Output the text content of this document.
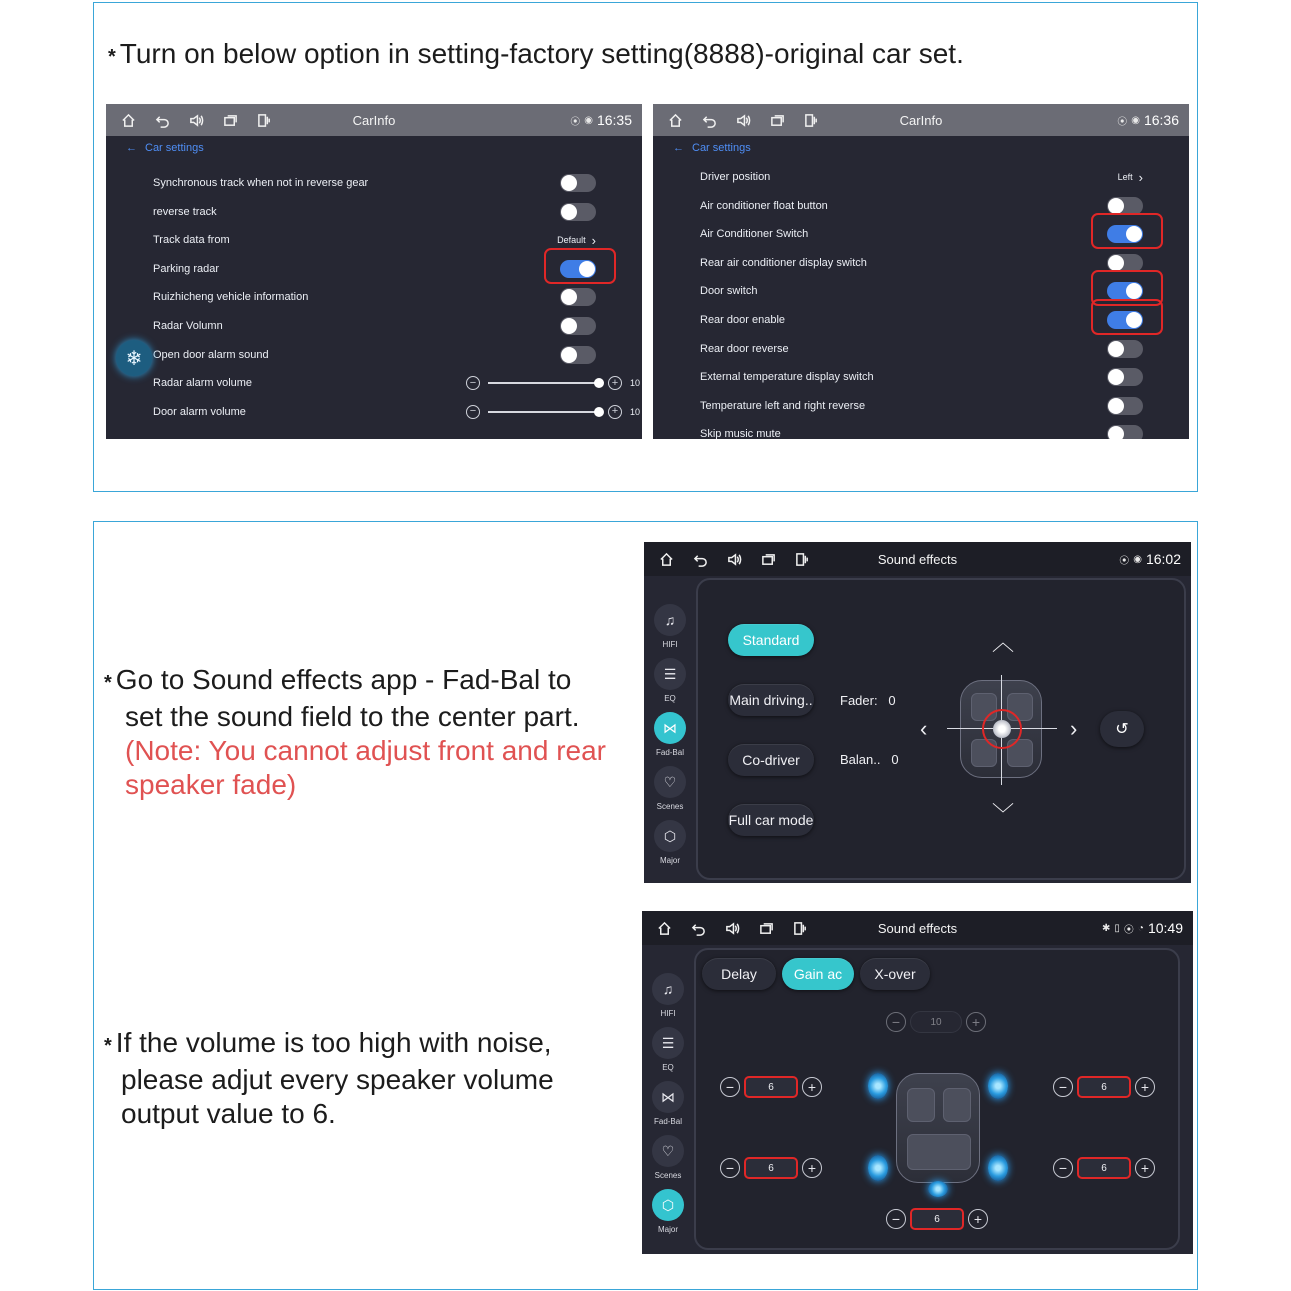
* Turn on below option in setting-factory setting(8888)-original car set.
CarInfo	⦿ ◉ 16:35
← Car settings
Synchronous track when not in reverse gear
reverse track
Track data from	Default ›
Parking radar
Ruizhicheng vehicle information
Radar Volumn
Open door alarm sound
Radar alarm volume	−	+	10
Door alarm volume	−	+	10
❄
CarInfo	⦿ ◉ 16:36
← Car settings
Driver position	Left ›
Air conditioner float button
Air Conditioner Switch
Rear air conditioner display switch
Door switch
Rear door enable
Rear door reverse
External temperature display switch
Temperature left and right reverse
Skip music mute
* Go to Sound effects app - Fad-Bal to
set the sound field to the center part.
(Note: You cannot adjust front and rear
speaker fade)
* If the volume is too high with noise,
please adjut every speaker volume
output value to 6.
Sound effects	⦿ ◉ 16:02
♫
HIFI
☰
EQ
⋈
Fad-Bal
♡
Scenes
⬡
Major
Standard
Main driving..
Co-driver
Full car mode
Fader: 0
Balan.. 0
︿
﹀
‹	›	↺
Sound effects	✱ ▯ ⦿ ◔ 10:49
♫
HIFI
☰
EQ
⋈
Fad-Bal
♡
Scenes
⬡
Major
Delay	Gain ac	X-over
−	10	+
−	6	+	−	6	+
−	6	+	−	6	+
−	6	+
